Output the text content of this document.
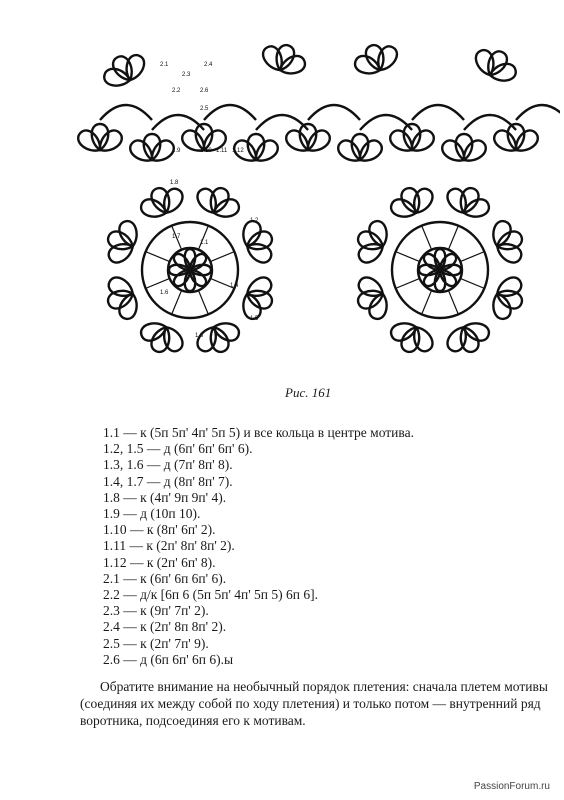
2.1
2.3
2.4
2.2
2.5
2.6
1.9	1.10 1.11 1.12
1.8
1.2
1.7
1.1
1.6
1.3
1.4
1.5
Рис. 161
1.1 — к (5п 5п' 4п' 5п 5) и все кольца в центре мотива.
1.2, 1.5 — д (6п' 6п' 6п' 6).
1.3, 1.6 — д (7п' 8п' 8).
1.4, 1.7 — д (8п' 8п' 7).
1.8 — к (4п' 9п 9п' 4).
1.9 — д (10п 10).
1.10 — к (8п' 6п' 2).
1.11 — к (2п' 8п' 8п' 2).
1.12 — к (2п' 6п' 8).
2.1 — к (6п' 6п 6п' 6).
2.2 — д/к [6п 6 (5п 5п' 4п' 5п 5) 6п 6].
2.3 — к (9п' 7п' 2).
2.4 — к (2п' 8п 8п' 2).
2.5 — к (2п' 7п' 9).
2.6 — д (6п 6п' 6п 6).ы

Обратите внимание на необычный порядок плетения: сначала плетем мотивы (соединяя их между собой по ходу плетения) и только потом — внутренний ряд воротника, подсоединяя его к мотивам.

PassionForum.ru
